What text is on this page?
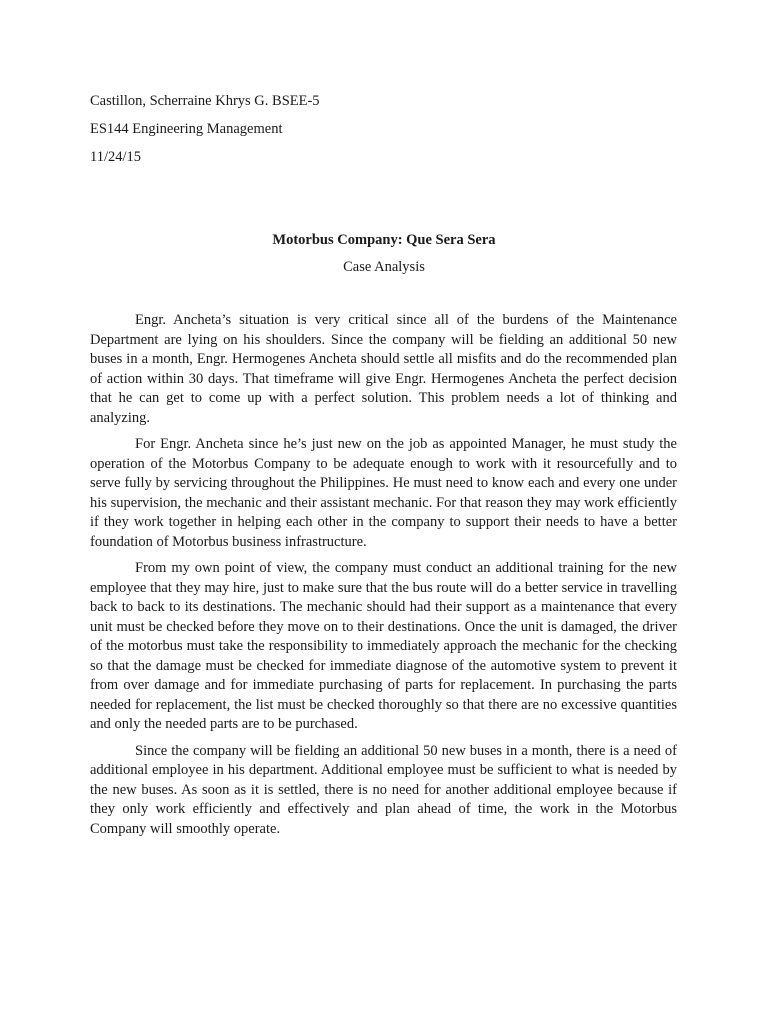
Castillon, Scherraine Khrys G. BSEE-5
ES144 Engineering Management
11/24/15
Motorbus Company: Que Sera Sera
Case Analysis

Engr. Ancheta’s situation is very critical since all of the burdens of the Maintenance Department are lying on his shoulders. Since the company will be fielding an additional 50 new buses in a month, Engr. Hermogenes Ancheta should settle all misfits and do the recommended plan of action within 30 days. That timeframe will give Engr. Hermogenes Ancheta the perfect decision that he can get to come up with a perfect solution. This problem needs a lot of thinking and analyzing.

For Engr. Ancheta since he’s just new on the job as appointed Manager, he must study the operation of the Motorbus Company to be adequate enough to work with it resourcefully and to serve fully by servicing throughout the Philippines. He must need to know each and every one under his supervision, the mechanic and their assistant mechanic. For that reason they may work efficiently if they work together in helping each other in the company to support their needs to have a better foundation of Motorbus business infrastructure.

From my own point of view, the company must conduct an additional training for the new employee that they may hire, just to make sure that the bus route will do a better service in travelling back to back to its destinations. The mechanic should had their support as a maintenance that every unit must be checked before they move on to their destinations. Once the unit is damaged, the driver of the motorbus must take the responsibility to immediately approach the mechanic for the checking so that the damage must be checked for immediate diagnose of the automotive system to prevent it from over damage and for immediate purchasing of parts for replacement. In purchasing the parts needed for replacement, the list must be checked thoroughly so that there are no excessive quantities and only the needed parts are to be purchased.

Since the company will be fielding an additional 50 new buses in a month, there is a need of additional employee in his department. Additional employee must be sufficient to what is needed by the new buses. As soon as it is settled, there is no need for another additional employee because if they only work efficiently and effectively and plan ahead of time, the work in the Motorbus Company will smoothly operate.
